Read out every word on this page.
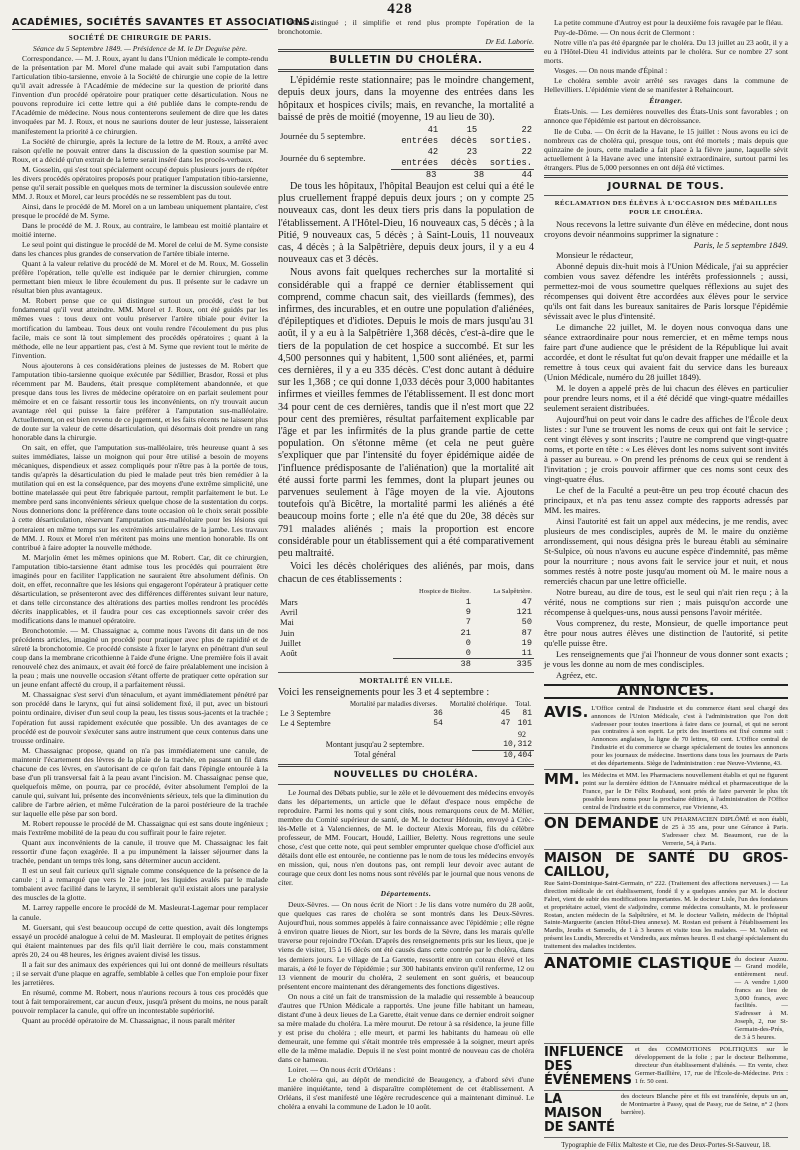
428
ACADÉMIES, SOCIÉTÉS SAVANTES ET ASSOCIATIONS.
SOCIÉTÉ DE CHIRURGIE DE PARIS.
Séance du 5 Septembre 1849. — Présidence de M. le Dr Deguise père.

Correspondance. — M. J. Roux, ayant lu dans l'Union médicale le compte-rendu de la présentation par M. Morel d'une malade qui avait subi l'amputation dans l'articulation tibio-tarsienne, envoie à la Société de chirurgie une copie de la lettre qu'il avait adressée à l'Académie de médecine sur la question de priorité dans l'invention d'un procédé opératoire pour pratiquer cette désarticulation. Nous ne pouvons reproduire ici cette lettre qui a été publiée dans le compte-rendu de l'Académie de médecine. Nous nous contenterons seulement de dire que les dates invoquées par M. J. Roux, et nous ne saurions douter de leur justesse, laisseraient manifestement la priorité à ce chirurgien.

La Société de chirurgie, après la lecture de la lettre de M. Roux, a arrêté avec raison qu'elle ne pouvait entrer dans la discussion de la question soumise par M. Roux, et a décidé qu'un extrait de la lettre serait inséré dans les procès-verbaux.

M. Gosselin, qui s'est tout spécialement occupé depuis plusieurs jours de répéter les divers procédés opératoires proposés pour pratiquer l'amputation tibio-tarsienne, pense qu'il serait possible en quelques mots de terminer la discussion soulevée entre MM. J. Roux et Morel, car leurs procédés ne se ressemblent pas du tout.

Ainsi, dans le procédé de M. Morel on a un lambeau uniquement plantaire, c'est presque le procédé de M. Syme.

Dans le procédé de M. J. Roux, au contraire, le lambeau est moitié plantaire et moitié interne.

Le seul point qui distingue le procédé de M. Morel de celui de M. Syme consiste dans les chances plus grandes de conservation de l'artère tibiale interne.

Quant à la valeur relative du procédé de M. Morel et de M. Roux, M. Gosselin préfère l'opération, telle qu'elle est indiquée par le dernier chirurgien, comme permettant bien mieux le libre écoulement du pus. Il présente sur le cadavre un résultat bien plus avantageux.

M. Robert pense que ce qui distingue surtout un procédé, c'est le but fondamental qu'il veut atteindre. MM. Morel et J. Roux, ont été guidés par les mêmes vues : tous deux ont voulu préserver l'artère tibiale pour éviter la mortification du lambeau. Tous deux ont voulu rendre l'écoulement du pus plus facile, mais ce sont là tout simplement des procédés opératoires ; quant à la méthode, elle ne leur appartient pas, c'est à M. Syme que revient tout le mérite de l'invention.

Nous ajouterons à ces considérations pleines de justesses de M. Robert que l'amputation tibio-tarsienne quoique exécutée par Sédillier, Brasdor, Rossi et plus récemment par M. Baudens, était presque complètement abandonnée, et que presque dans tous les livres de médecine opératoire on en parlait seulement pour mémoire et en ce faisant ressortir tous les inconvénients, on n'y trouvait aucun avantage réel qui puisse la faire préférer à l'amputation sus-malléolaire. Actuellement, on est bien revenu de ce jugement, et les faits récents ne laissent plus de doute sur la valeur de cette désarticulation, qui désormais doit prendre un rang honorable dans la chirurgie.

On sait, en effet, que l'amputation sus-malléolaire, très heureuse quant à ses suites immédiates, laisse un moignon qui pour être utilisé a besoin de moyens mécaniques, dispendieux et assez compliqués pour n'être pas à la portée de tous, tandis qu'après la désarticulation du pied le malade peut très bien remédier à la mutilation qui en est la conséquence, par des moyens d'une extrême simplicité, une bottine matelassée qui peut être fabriquée partout, remplit parfaitement le but. Le membre perd sans inconvénients sérieux quelque chose de la sustentation du corps. Nous donnerions donc la préférence dans toute occasion où le choix serait possible à cette désarticulation, réservant l'amputation sus-malléolaire pour les lésions qui porteraient en même temps sur les extrémités articulaires de la jambe. Les travaux de MM. J. Roux et Morel n'en méritent pas moins une mention honorable. Ils ont contribué à faire adopter la nouvelle méthode.

M. Marjolin émet les mêmes opinions que M. Robert. Car, dit ce chirurgien, l'amputation tibio-tarsienne étant admise tous les procédés qui pourraient être imaginés pour en faciliter l'application ne sauraient être absolument définis. On doit, en effet, reconnaître que les lésions qui engageront l'opérateur à pratiquer cette désarticulation, se présenteront avec des différences différentes suivant leur nature, et dans telle circonstance des altérations des parties molles rendront les procédés décrits inapplicables, et il faudra pour ces cas exceptionnels savoir créer des modifications dans le manuel opératoire.

Bronchotomie. — M. Chassaignac a, comme nous l'avons dit dans un de nos précédents articles, imaginé un procédé pour pratiquer avec plus de rapidité et de sûreté la bronchotomie. Ce procédé consiste à fixer le larynx en pénétrant d'un seul coup dans la membrane cricothienne à l'aide d'une érigne. Une première fois il avait renouvelé chez des animaux, et avait été forcé de faire préalablement une incision à la peau ; mais une nouvelle occasion s'étant offerte de pratiquer cette opération sur un jeune enfant affecté du croup, il a parfaitement réussi.

M. Chassaignac s'est servi d'un ténaculum, et ayant immédiatement pénétré par son procédé dans le larynx, qui fut ainsi solidement fixé, il put, avec un bistouri pointu ordinaire, diviser d'un seul coup la peau, les tissus sous-jacents et la trachée ; l'opération fut aussi rapidement exécutée que possible. Un des avantages de ce procédé est de pouvoir s'exécuter sans autre instrument que ceux contenus dans une trousse ordinaire.

M. Chassaignac propose, quand on n'a pas immédiatement une canule, de maintenir l'écartement des lèvres de la plaie de la trachée, en passant un fil dans chacune de ces lèvres, en s'autorisant de ce qu'on fait dans l'épingle entourée à la base d'un pli transversal fait à la peau avant l'incision. M. Chassaignac pense que, quelquefois même, on pourra, par ce procédé, éviter absolument l'emploi de la canule qui, suivant lui, présente des inconvénients sérieux, tels que la diminution du calibre de l'arbre aérien, et même l'ulcération de la paroi postérieure de la trachée sur laquelle elle pèse par son bord.

M. Robert repousse le procédé de M. Chassaignac qui est sans doute ingénieux ; mais l'extrême mobilité de la peau du cou suffirait pour le faire rejeter.

Quant aux inconvénients de la canule, il trouve que M. Chassaignac les fait ressortir d'une façon exagérée. Il a pu impunément la laisser séjourner dans la trachée, pendant un temps très long, sans déterminer aucun accident.

Il est un seul fait curieux qu'il signale comme conséquence de la présence de la canule ; il a remarqué que vers le 21e jour, les liquides avalés par le malade tombaient avec facilité dans le larynx, il semblerait qu'il existait alors une paralysie des muscles de la glotte.

M. Larrey rappelle encore le procédé de M. Masleurat-Lagemar pour remplacer la canule.

M. Guersant, qui s'est beaucoup occupé de cette question, avait dès longtemps essayé un procédé analogue à celui de M. Masleurat. Il employait de petites érignes qui étaient maintenues par des fils qu'il liait derrière le cou, mais constamment après 20, 24 ou 48 heures, les érignes avaient divisé les tissus.

Il a fait sur des animaux des expériences qui lui ont donné de meilleurs résultats ; il se servait d'une plaque en agraffe, semblable à celles que l'on emploie pour fixer les jarretières.

En résumé, comme M. Robert, nous n'aurions recours à tous ces procédés que tout à fait temporairement, car aucun d'eux, jusqu'à présent du moins, ne nous paraît pouvoir remplacer la canule, qui offre un incontestable supériorité.

Quant au procédé opératoire de M. Chassaignac, il nous paraît mériter

d'être distingué ; il simplifie et rend plus prompte l'opération de la bronchotomie.

Dr Ed. Laborie.
BULLETIN DU CHOLÉRA.

L'épidémie reste stationnaire; pas le moindre changement, depuis deux jours, dans la moyenne des entrées dans les hôpitaux et hospices civils; mais, en revanche, la mortalité a baissé de près de moitié (moyenne, 19 au lieu de 30).

Journée du 5 septembre.	41 entrées	15 décès	22 sorties.
Journée du 6 septembre.	42 entrées	23 décès	22 sorties.
	83	38	44

De tous les hôpitaux, l'hôpital Beaujon est celui qui a été le plus cruellement frappé depuis deux jours ; on y compte 25 nouveaux cas, dont les deux tiers pris dans la population de l'établissement. A l'Hôtel-Dieu, 16 nouveaux cas, 5 décès ; à la Pitié, 9 nouveaux cas, 5 décès ; à Saint-Louis, 11 nouveaux cas, 4 décès ; à la Salpêtrière, depuis deux jours, il y a eu 4 nouveaux cas et 3 décès.

Nous avons fait quelques recherches sur la mortalité si considérable qui a frappé ce dernier établissement qui comprend, comme chacun sait, des vieillards (femmes), des infirmes, des incurables, et en outre une population d'aliénées, d'épileptiques et d'idiotes. Depuis le mois de mars jusqu'au 31 août, il y a eu à la Salpêtrière 1,368 décès, c'est-à-dire que le tiers de la population de cet hospice a succombé. Et sur les 4,500 personnes qui y habitent, 1,500 sont aliénées, et, parmi ces dernières, il y a eu 335 décès. C'est donc autant à déduire sur les 1,368 ; ce qui donne 1,033 décès pour 3,000 habitantes infirmes et vieilles femmes de l'établissement. Il est donc mort 34 pour cent de ces dernières, tandis que il n'est mort que 22 pour cent des premières, résultat parfaitement explicable par l'âge et par les infirmités de la plus grande partie de cette population. On s'étonne même (et cela ne peut guère s'expliquer que par l'intensité du foyer épidémique aidée de l'influence prédisposante de l'aliénation) que la mortalité ait été aussi forte parmi les femmes, dont la plupart jeunes ou parvenues seulement à l'âge moyen de la vie. Ajoutons toutefois qu'à Bicêtre, la mortalité parmi les aliénés a été beaucoup moins forte ; elle n'a été que du 20e, 38 décès sur 791 malades aliénés ; mais la proportion est encore considérable pour un établissement qui a été comparativement peu maltraité.

Voici les décès cholériques des aliénés, par mois, dans chacun de ces établissements :

	Hospice de Bicêtre.	La Salpêtrière.
Mars	1	47
Avril	9	121
Mai	7	50
Juin	21	87
Juillet	0	19
Août	0	11
	38	335
MORTALITÉ EN VILLE.
Voici les renseignements pour les 3 et 4 septembre :
	Mortalité par maladies diverses.	Mortalité cholérique.	Total.
Le 3 Septembre	36	45	81
Le 4 Septembre	54	47	101
92
Montant jusqu'au 2 septembre.	10,312
Total général	10,404
NOUVELLES DU CHOLÉRA.

Le Journal des Débats publie, sur le zèle et le dévouement des médecins envoyés dans les départements, un article que le défaut d'espace nous empêche de reproduire. Parmi les noms qui y sont cités, nous remarquons ceux de M. Mélier, membre du Comité supérieur de santé, de M. le docteur Hédouin, envoyé à Crèc-lès-Melle et à Valenciennes, de M. le docteur Alexis Moreau, fils du célèbre professeur, de MM. Foucart, Houdé, Laillier, Beletty. Nous regrettons une seule chose, c'est que cette note, qui peut sembler emprunter quelque chose d'officiel aux détails dont elle est entourée, ne contienne pas le nom de tous les médecins envoyés en mission, qui, nous n'en doutons pas, ont rempli leur devoir avec autant de courage que ceux dont les noms nous sont révélés par le journal que nous venons de citer.

Départements.

Deux-Sèvres. — On nous écrit de Niort : Je lis dans votre numéro du 28 août, que quelques cas rares de choléra se sont montrés dans les Deux-Sèvres. Aujourd'hui, nous sommes appelés à faire connaissance avec l'épidémie ; elle règne à environ quatre lieues de Niort, sur les bords de la Sèvre, dans les marais qu'elle traverse pour rejoindre l'Océan. D'après des renseignements pris sur les lieux, que je viens de visiter, 15 à 16 décès ont été causés dans cette contrée par le choléra, dans les derniers jours. Le village de La Garette, ressortit entre un coteau élevé et les marais, a été le foyer de l'épidémie ; sur 300 habitants environ qu'il renferme, 12 ou 13 viennent de mourir du choléra, 2 seulement en sont guéris, et beaucoup présentent encore maintenant des dérangements des fonctions digestives.

On nous a cité un fait de transmission de la maladie qui ressemble à beaucoup d'autres que l'Union Médicale a rapportés. Une jeune fille habitant un hameau, distant d'une à deux lieues de La Garette, était venue dans ce dernier endroit soigner sa mère malade du choléra. La mère mourut. De retour à sa résidence, la jeune fille y est prise du choléra ; elle meurt, et parmi les habitants du hameau où elle demeurait, une femme qui s'était montrée très empressée à la soigner, meurt après elle de la même maladie. Depuis il ne s'est point montré de nouveau cas de choléra dans ce hameau.

Loiret. — On nous écrit d'Orléans :

Le choléra qui, au dépôt de mendicité de Beaugency, a d'abord sévi d'une manière inquiétante, tend à disparaître complètement de cet établissement. A Orléans, il s'est manifesté une légère recrudescence qui a maintenant diminué. Le choléra a envahi la commune de Ladon le 10 août.

La petite commune d'Autroy est pour la deuxième fois ravagée par le fléau.

Puy-de-Dôme. — On nous écrit de Clermont :

Notre ville n'a pas été épargnée par le choléra. Du 13 juillet au 23 août, il y a eu à l'Hôtel-Dieu 41 individus atteints par le choléra. Sur ce nombre 27 sont morts.

Vosges. — On nous mande d'Épinal :

Le choléra semble avoir arrêté ses ravages dans la commune de Hellevilliers. L'épidémie vient de se manifester à Rehaincourt.

Étranger.

États-Unis. — Les dernières nouvelles des États-Unis sont favorables ; on annonce que l'épidémie est partout en décroissance.

Ile de Cuba. — On écrit de la Havane, le 15 juillet : Nous avons eu ici de nombreux cas de choléra qui, presque tous, ont été mortels ; mais depuis que quinzaine de jours, cette maladie a fait place à la fièvre jaune, laquelle sévit actuellement à la Havane avec une intensité extraordinaire, surtout parmi les étrangers. Plus de 5,000 personnes en ont déjà été victimes.

JOURNAL DE TOUS.
RÉCLAMATION DES ÉLÈVES À L'OCCASION DES MÉDAILLES POUR LE CHOLÉRA.

Nous recevons la lettre suivante d'un élève en médecine, dont nous croyons devoir néanmoins supprimer la signature :

Paris, le 5 septembre 1849.

Monsieur le rédacteur,

Abonné depuis dix-huit mois à l'Union Médicale, j'ai su apprécier combien vous savez défendre les intérêts professionnels ; aussi, permettez-moi de vous soumettre quelques réflexions au sujet des récompenses qui doivent être accordées aux élèves pour le service qu'ils ont fait dans les bureaux sanitaires de Paris lorsque l'épidémie sévissait avec le plus d'intensité.

Le dimanche 22 juillet, M. le doyen nous convoqua dans une séance extraordinaire pour nous remercier, et en même temps nous faire part d'une audience que le président de la République lui avait accordée, et dont le résultat fut qu'on devait frapper une médaille et la remettre à tous ceux qui avaient fait du service dans les bureaux (Union Médicale, numéro du 28 juillet 1849).

M. le doyen a appelé près de lui chacun des élèves en particulier pour prendre leurs noms, et il a été décidé que vingt-quatre médailles seulement seraient distribuées.

Aujourd'hui on peut voir dans le cadre des affiches de l'École deux listes : sur l'une se trouvent les noms de ceux qui ont fait le service ; cent vingt élèves y sont inscrits ; l'autre ne comprend que vingt-quatre noms, et porte en tête : « Les élèves dont les noms suivent sont invités à passer au bureau. » On prend les prénoms de ceux qui se rendent à l'invitation ; je crois pouvoir affirmer que ces noms sont ceux des vingt-quatre élus.

Le chef de la Faculté a peut-être un peu trop écouté chacun des principaux, et n'a pas tenu assez compte des rapports adressés par MM. les maires.

Ainsi l'autorité est fait un appel aux médecins, je me rendis, avec plusieurs de mes condisciples, auprès de M. le maire du onzième arrondissement, qui nous désigna près le bureau établi au séminaire St-Sulpice, où nous n'avons eu aucune espèce d'indemnité, pas même pour la nourriture ; nous avons fait le service jour et nuit, et nous sommes restés à notre poste jusqu'au moment où M. le maire nous a remerciés chacun par une lettre officielle.

Notre bureau, au dire de tous, est le seul qui n'ait rien reçu ; à la vérité, nous ne comptions sur rien ; mais puisqu'on accorde une récompense à quelques-uns, nous aussi pensons l'avoir méritée.

Vous comprenez, du reste, Monsieur, de quelle importance peut être pour nous autres élèves une distinction de l'autorité, si petite qu'elle puisse être.

Les renseignements que j'ai l'honneur de vous donner sont exacts ; je vous les donne au nom de mes condisciples.

Agréez, etc.

ANNONCES.
AVIS. L'Office central de l'industrie et du commerce étant seul chargé des annonces de l'Union Médicale, c'est à l'administration que l'on doit s'adresser pour toutes insertions à faire dans ce journal, et qui ne seront pas contraires à son esprit. Le prix des insertions est fixé comme suit : Annonces anglaises, la ligne de 70 lettres, 60 cent. L'Office central de l'industrie et du commerce se charge spécialement de toutes les annonces pour les journaux de médecine. Insertions dans tous les journaux de Paris et des départements. Siège de l'administration : rue Neuve-Vivienne, 43.
MM. les Médecins et MM. les Pharmaciens nouvellement établis et qui ne figurent point sur la dernière édition de l'Annuaire médical et pharmaceutique de la France, par le Dr Félix Roubaud, sont priés de faire parvenir le plus tôt possible leurs noms pour la prochaine édition, à l'administration de l'Office central de l'industrie et du commerce, rue Vivienne, 43.
ON DEMANDE UN PHARMACIEN DIPLÔMÉ et non établi, de 25 à 35 ans, pour une Gérance à Paris. S'adresser chez M. Beaumont, rue de la Verrerie, 54, à Paris.
MAISON DE SANTÉ DU GROS-CAILLOU,
Rue Saint-Dominique-Saint-Germain, n° 222. (Traitement des affections nerveuses.) — La direction médicale de cet établissement, fondé il y a quelques années par M. le docteur Falret, vient de subir des modifications importantes. M. le docteur Lisle, l'un des fondateurs et propriétaire actuel, vient de s'adjoindre, comme médecins consultants, M. le professeur Rostan, ancien médecin de la Salpêtrière, et M. le docteur Vallein, médecin de l'hôpital Sainte-Marguerite (ancien Hôtel-Dieu annexe). M. Rostan est présent à l'établissement les Mardis, Jeudis et Samedis, de 1 à 3 heures et visite tous les malades. — M. Vallein est présent les Lundis, Mercredis et Vendredis, aux mêmes heures. Il est chargé spécialement du traitement des maladies incidentes.
ANATOMIE CLASTIQUE du docteur Auzou. — Grand modèle, entièrement neuf. — A vendre 1,600 francs au lieu de 3,000 francs, avec facilités. — S'adresser à M. Joseph, 2, rue St-Germain-des-Prés, de 3 à 5 heures.
INFLUENCE DES ÉVÉNEMENS
et des COMMOTIONS POLITIQUES sur le développement de la folie ; par le docteur Belhomme, directeur d'un établissement d'aliénés. — En vente, chez Germer-Baillière, 17, rue de l'École-de-Médecine. Prix : 1 fr. 50 cent.
LA MAISON DE SANTÉ
des docteurs Blanche père et fils est transférée, depuis un an, de Montmartre à Passy, quai de Passy, rue de Seine, n° 2 (hors barrière).
Typographie de Félix Malteste et Cie, rue des Deux-Portes-St-Sauveur, 18.
